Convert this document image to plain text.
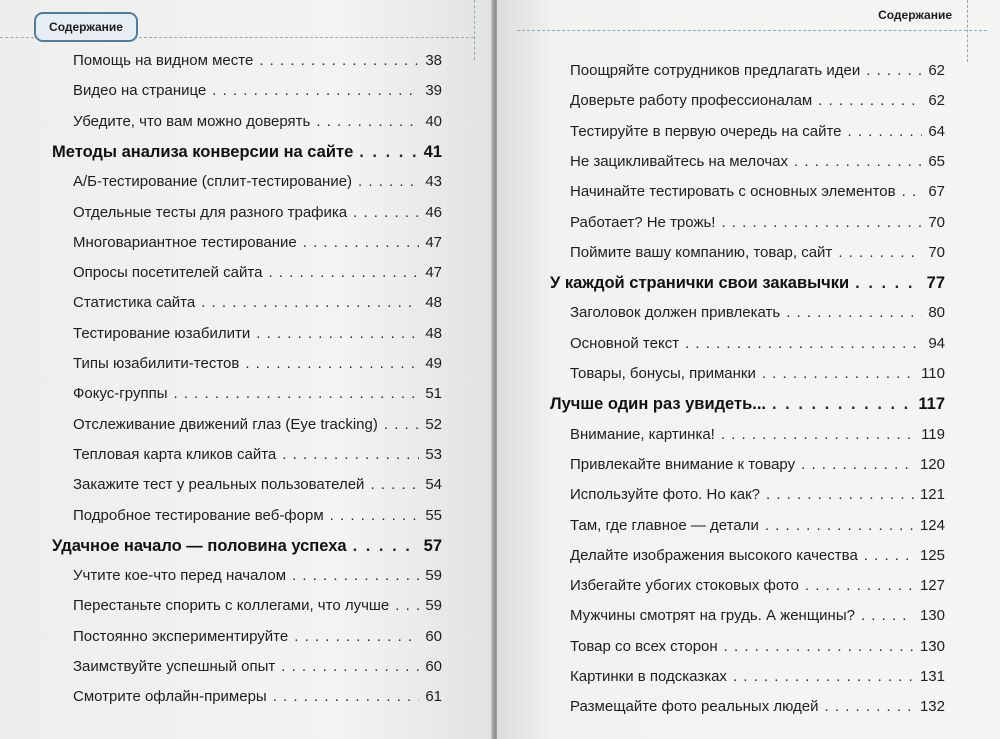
Содержание
Помощь на видном месте . . .	38
Видео на странице . . .	39
Убедите, что вам можно доверять . . .	40
Методы анализа конверсии на сайте . . .	41
А/Б-тестирование (сплит-тестирование) . . .	43
Отдельные тесты для разного трафика . . .	46
Многовариантное тестирование . . .	47
Опросы посетителей сайта . . .	47
Статистика сайта . . .	48
Тестирование юзабилити . . .	48
Типы юзабилити-тестов . . .	49
Фокус-группы . . .	51
Отслеживание движений глаз (Eye tracking) . . .	52
Тепловая карта кликов сайта . . .	53
Закажите тест у реальных пользователей . . .	54
Подробное тестирование веб-форм . . .	55
Удачное начало — половина успеха . . .	57
Учтите кое-что перед началом . . .	59
Перестаньте спорить с коллегами, что лучше . . . 59
Постоянно экспериментируйте . . .	60
Заимствуйте успешный опыт . . .	60
Смотрите офлайн-примеры . . .	61
Содержание
Поощряйте сотрудников предлагать идеи . . .	62
Доверьте работу профессионалам . . .	62
Тестируйте в первую очередь на сайте . . .	64
Не зацикливайтесь на мелочах . . .	65
Начинайте тестировать с основных элементов . . . 67
Работает? Не трожь! . . .	70
Поймите вашу компанию, товар, сайт . . .	70
У каждой странички свои закавычки . . .	77
Заголовок должен привлекать . . .	80
Основной текст . . .	94
Товары, бонусы, приманки . . .	110
Лучше один раз увидеть... . . .	117
Внимание, картинка! . . .	119
Привлекайте внимание к товару . . .	120
Используйте фото. Но как? . . .	121
Там, где главное — детали . . .	124
Делайте изображения высокого качества . . .	125
Избегайте убогих стоковых фото . . .	127
Мужчины смотрят на грудь. А женщины? . . .	130
Товар со всех сторон . . .	130
Картинки в подсказках . . .	131
Размещайте фото реальных людей . . .	132
